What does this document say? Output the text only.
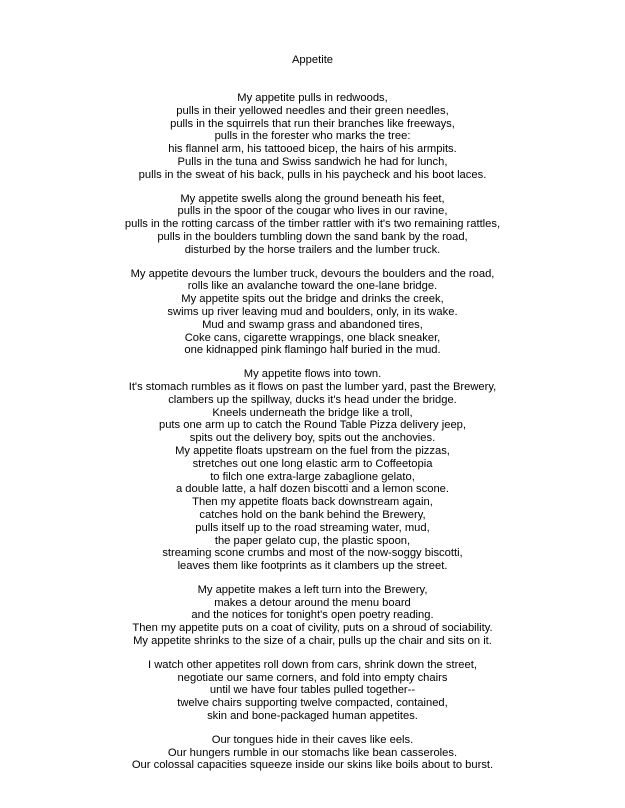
Appetite
My appetite pulls in redwoods,
pulls in their yellowed needles and their green needles,
pulls in the squirrels that run their branches like freeways,
pulls in the forester who marks the tree:
his flannel arm, his tattooed bicep, the hairs of his armpits.
Pulls in the tuna and Swiss sandwich he had for lunch,
pulls in the sweat of his back, pulls in his paycheck and his boot laces.
My appetite swells along the ground beneath his feet,
pulls in the spoor of the cougar who lives in our ravine,
pulls in the rotting carcass of the timber rattler with it's two remaining rattles,
pulls in the boulders tumbling down the sand bank by the road,
disturbed by the horse trailers and the lumber truck.
My appetite devours the lumber truck, devours the boulders and the road,
rolls like an avalanche toward the one-lane bridge.
My appetite spits out the bridge and drinks the creek,
swims up river leaving mud and boulders, only, in its wake.
Mud and swamp grass and abandoned tires,
Coke cans, cigarette wrappings, one black sneaker,
one kidnapped pink flamingo half buried in the mud.
My appetite flows into town.
It's stomach rumbles as it flows on past the lumber yard, past the Brewery,
clambers up the spillway, ducks it's head under the bridge.
Kneels underneath the bridge like a troll,
puts one arm up to catch the Round Table Pizza delivery jeep,
spits out the delivery boy, spits out the anchovies.
My appetite floats upstream on the fuel from the pizzas,
stretches out one long elastic arm to Coffeetopia
to filch one extra-large zabaglione gelato,
a double latte, a half dozen biscotti and a lemon scone.
Then my appetite floats back downstream again,
catches hold on the bank behind the Brewery,
pulls itself up to the road streaming water, mud,
the paper gelato cup, the plastic spoon,
streaming scone crumbs and most of the now-soggy biscotti,
leaves them like footprints as it clambers up the street.
My appetite makes a left turn into the Brewery,
makes a detour around the menu board
and the notices for tonight's open poetry reading.
Then my appetite puts on a coat of civility, puts on a shroud of sociability.
My appetite shrinks to the size of a chair, pulls up the chair and sits on it.
I watch other appetites roll down from cars, shrink down the street,
negotiate our same corners, and fold into empty chairs
until we have four tables pulled together--
twelve chairs supporting twelve compacted, contained,
skin and bone-packaged human appetites.
Our tongues hide in their caves like eels.
Our hungers rumble in our stomachs like bean casseroles.
Our colossal capacities squeeze inside our skins like boils about to burst.
